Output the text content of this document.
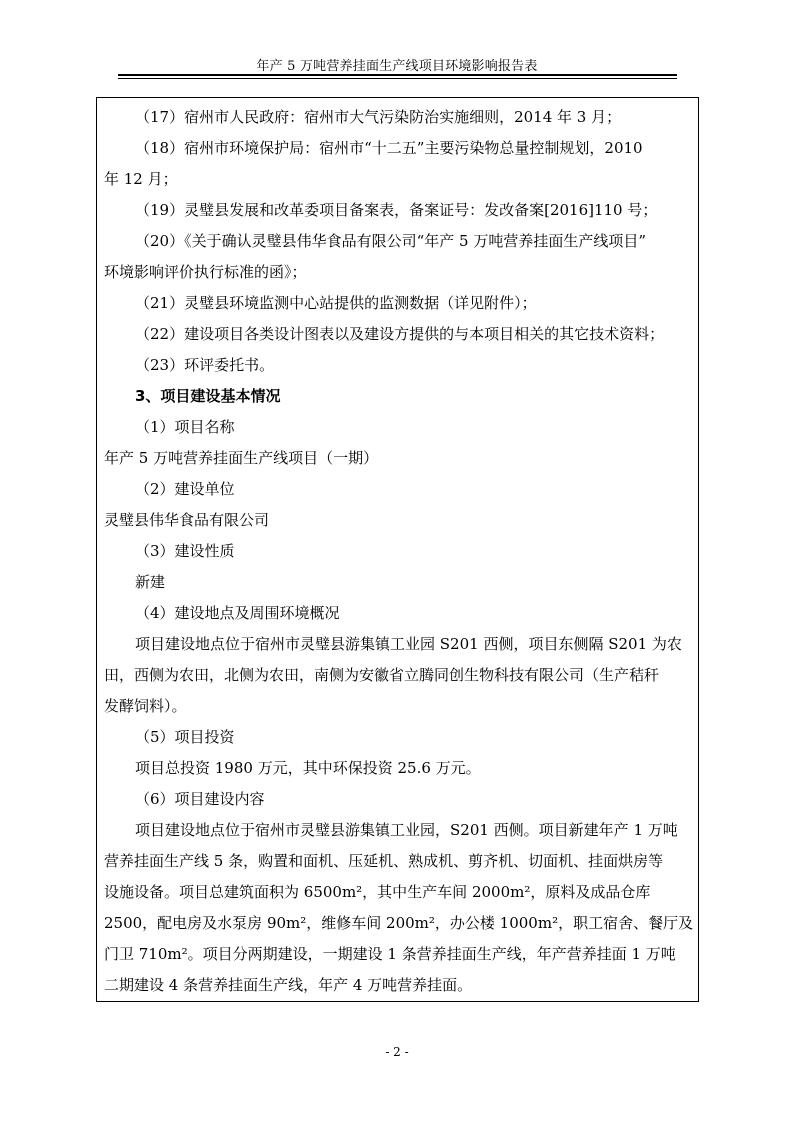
年产 5 万吨营养挂面生产线项目环境影响报告表
（17）宿州市人民政府：宿州市大气污染防治实施细则，2014 年 3 月；
（18）宿州市环境保护局：宿州市“十二五”主要污染物总量控制规划，2010
年 12 月；
（19）灵璧县发展和改革委项目备案表，备案证号：发改备案[2016]110 号；
（20）《关于确认灵璧县伟华食品有限公司“年产 5 万吨营养挂面生产线项目”
环境影响评价执行标准的函》；
（21）灵璧县环境监测中心站提供的监测数据（详见附件）；
（22）建设项目各类设计图表以及建设方提供的与本项目相关的其它技术资料；
（23）环评委托书。
3、项目建设基本情况
（1）项目名称
年产 5 万吨营养挂面生产线项目（一期）
（2）建设单位
灵璧县伟华食品有限公司
（3）建设性质
新建
（4）建设地点及周围环境概况
项目建设地点位于宿州市灵璧县游集镇工业园 S201 西侧，项目东侧隔 S201 为农
田，西侧为农田，北侧为农田，南侧为安徽省立腾同创生物科技有限公司（生产秸秆
发酵饲料）。
（5）项目投资
项目总投资 1980 万元，其中环保投资 25.6 万元。
（6）项目建设内容
项目建设地点位于宿州市灵璧县游集镇工业园，S201 西侧。项目新建年产 1 万吨
营养挂面生产线 5 条，购置和面机、压延机、熟成机、剪齐机、切面机、挂面烘房等
设施设备。项目总建筑面积为 6500m²，其中生产车间 2000m²，原料及成品仓库
2500，配电房及水泵房 90m²，维修车间 200m²，办公楼 1000m²，职工宿舍、餐厅及
门卫 710m²。项目分两期建设，一期建设 1 条营养挂面生产线，年产营养挂面 1 万吨
二期建设 4 条营养挂面生产线，年产 4 万吨营养挂面。
- 2 -
